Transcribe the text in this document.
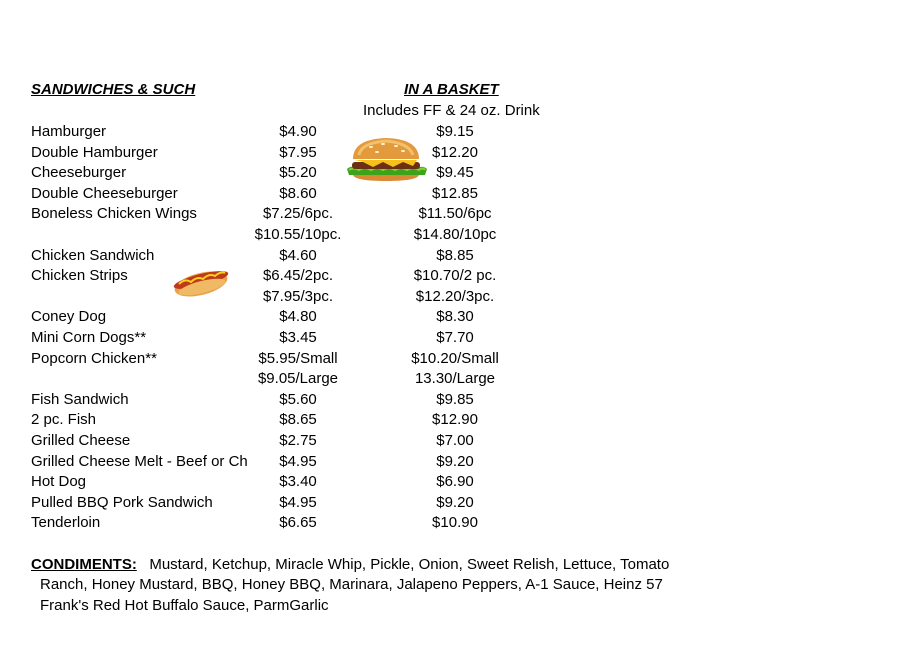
SANDWICHES & SUCH	IN A BASKET
Includes FF & 24 oz. Drink
Hamburger	$4.90	$9.15
Double Hamburger	$7.95	$12.20
Cheeseburger	$5.20	$9.45
Double Cheeseburger	$8.60	$12.85
Boneless Chicken Wings	$7.25/6pc.	$11.50/6pc
$10.55/10pc.	$14.80/10pc
Chicken Sandwich	$4.60	$8.85
Chicken Strips	$6.45/2pc.	$10.70/2 pc.
$7.95/3pc.	$12.20/3pc.
Coney Dog	$4.80	$8.30
Mini Corn Dogs**	$3.45	$7.70
Popcorn Chicken**	$5.95/Small	$10.20/Small
$9.05/Large	13.30/Large
Fish Sandwich	$5.60	$9.85
2 pc. Fish	$8.65	$12.90
Grilled Cheese	$2.75	$7.00
Grilled Cheese Melt - Beef or Ch	$4.95	$9.20
Hot Dog	$3.40	$6.90
Pulled BBQ Pork Sandwich	$4.95	$9.20
Tenderloin	$6.65	$10.90
CONDIMENTS: Mustard, Ketchup, Miracle Whip, Pickle, Onion, Sweet Relish, Lettuce, Tomato
Ranch, Honey Mustard, BBQ, Honey BBQ, Marinara, Jalapeno Peppers, A-1 Sauce, Heinz 57
Frank's Red Hot Buffalo Sauce, ParmGarlic
